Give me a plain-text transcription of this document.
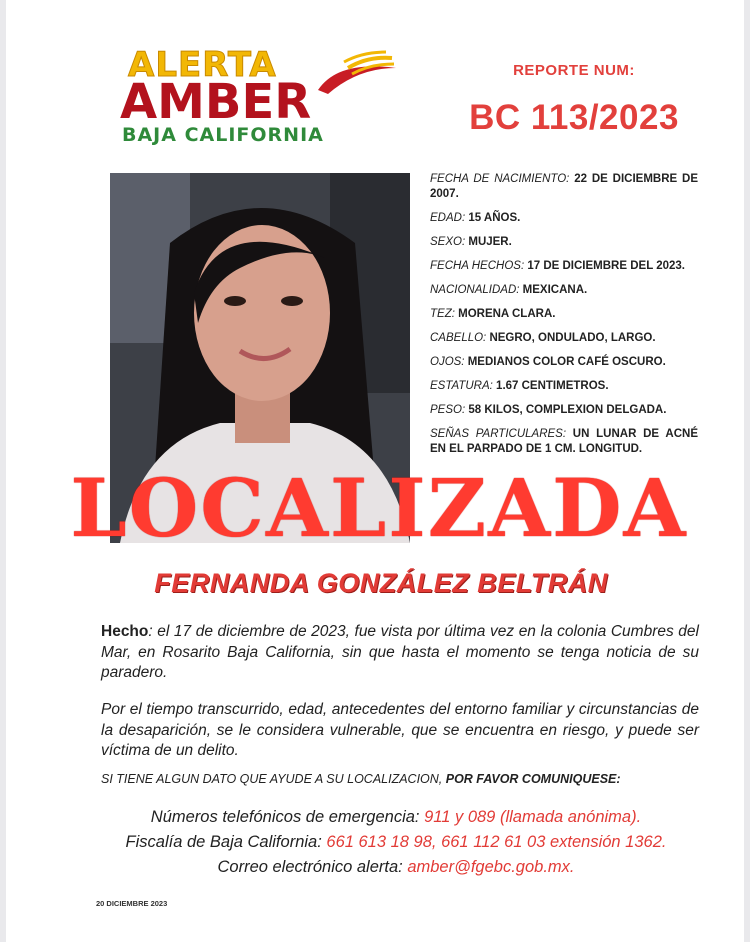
ALERTA
AMBER
BAJA CALIFORNIA
REPORTE NUM:
BC 113/2023
FECHA DE NACIMIENTO: 22 DE DICIEMBRE DE 2007.
EDAD: 15 AÑOS.
SEXO: MUJER.
FECHA HECHOS: 17 DE DICIEMBRE DEL 2023.
NACIONALIDAD: MEXICANA.
TEZ: MORENA CLARA.
CABELLO: NEGRO, ONDULADO, LARGO.
OJOS: MEDIANOS COLOR CAFÉ OSCURO.
ESTATURA: 1.67 CENTIMETROS.
PESO: 58 KILOS, COMPLEXION DELGADA.
SEÑAS PARTICULARES: UN LUNAR DE ACNÉ EN EL PARPADO DE 1 CM. LONGITUD.
LOCALIZADA
FERNANDA GONZÁLEZ BELTRÁN
Hecho: el 17 de diciembre de 2023, fue vista por última vez en la colonia Cumbres del Mar, en Rosarito Baja California, sin que hasta el momento se tenga noticia de su paradero.
Por el tiempo transcurrido, edad, antecedentes del entorno familiar y circunstancias de la desaparición, se le considera vulnerable, que se encuentra en riesgo, y puede ser víctima de un delito.
SI TIENE ALGUN DATO QUE AYUDE A SU LOCALIZACION, POR FAVOR COMUNIQUESE:
Números telefónicos de emergencia: 911 y 089 (llamada anónima).
Fiscalía de Baja California: 661 613 18 98, 661 112 61 03 extensión 1362.
Correo electrónico alerta: amber@fgebc.gob.mx.
20 DICIEMBRE 2023
